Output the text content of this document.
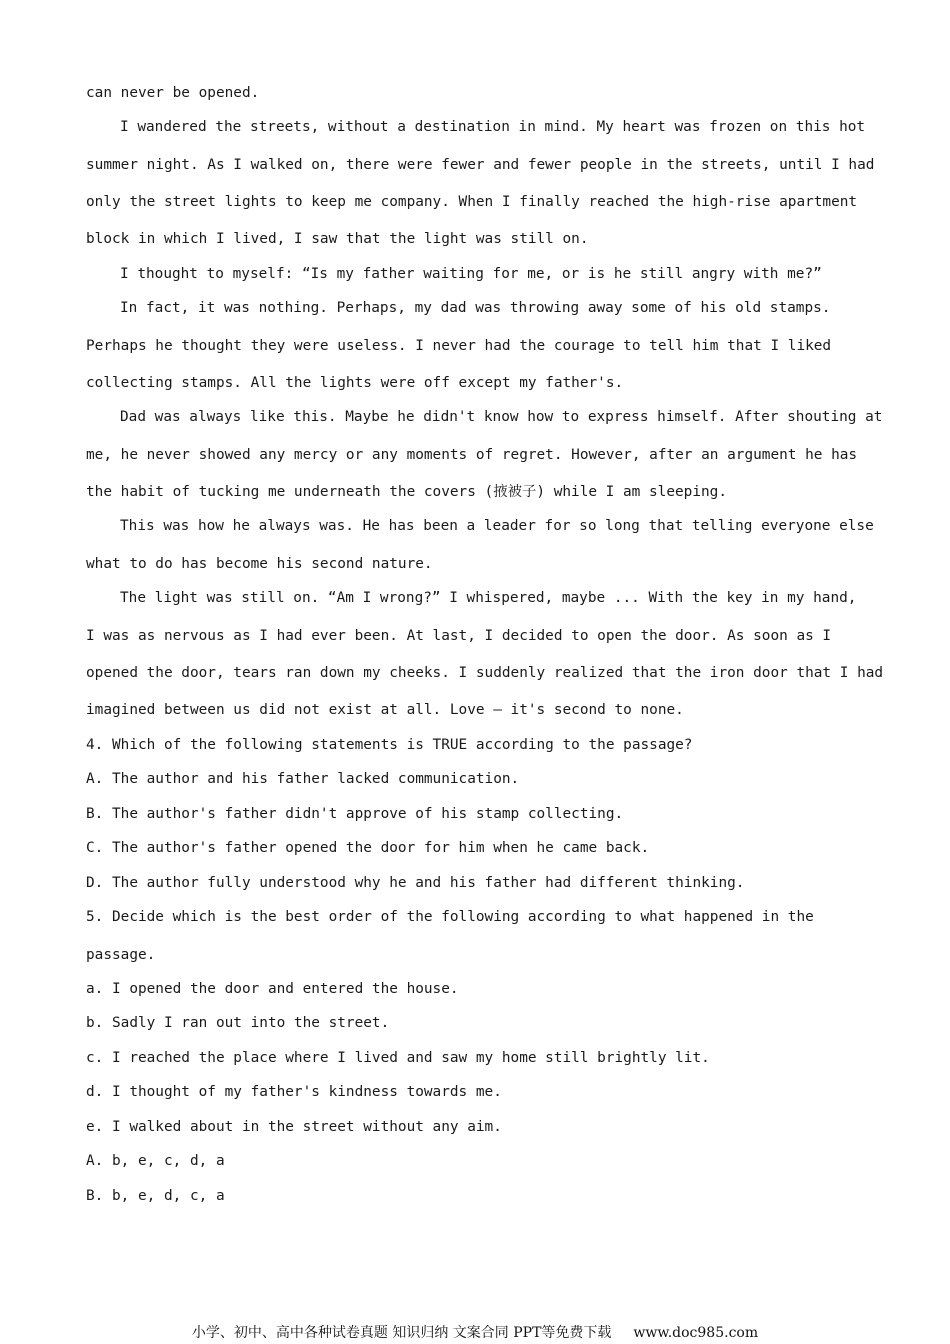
can never be opened.
I wandered the streets, without a destination in mind. My heart was frozen on this hot
summer night. As I walked on, there were fewer and fewer people in the streets, until I had
only the street lights to keep me company. When I finally reached the high-rise apartment
block in which I lived, I saw that the light was still on.
I thought to myself: “Is my father waiting for me, or is he still angry with me?”
In fact, it was nothing. Perhaps, my dad was throwing away some of his old stamps.
Perhaps he thought they were useless. I never had the courage to tell him that I liked
collecting stamps. All the lights were off except my father's.
Dad was always like this. Maybe he didn't know how to express himself. After shouting at
me, he never showed any mercy or any moments of regret. However, after an argument he has
the habit of tucking me underneath the covers (掖被子) while I am sleeping.
This was how he always was. He has been a leader for so long that telling everyone else
what to do has become his second nature.
The light was still on. “Am I wrong?” I whispered, maybe ... With the key in my hand,
I was as nervous as I had ever been. At last, I decided to open the door. As soon as I
opened the door, tears ran down my cheeks. I suddenly realized that the iron door that I had
imagined between us did not exist at all. Love — it's second to none.
4. Which of the following statements is TRUE according to the passage?
A. The author and his father lacked communication.
B. The author's father didn't approve of his stamp collecting.
C. The author's father opened the door for him when he came back.
D. The author fully understood why he and his father had different thinking.
5. Decide which is the best order of the following according to what happened in the
passage.
a. I opened the door and entered the house.
b. Sadly I ran out into the street.
c. I reached the place where I lived and saw my home still brightly lit.
d. I thought of my father's kindness towards me.
e. I walked about in the street without any aim.
A. b, e, c, d, a
B. b, e, d, c, a
小学、初中、高中各种试卷真题 知识归纳 文案合同 PPT等免费下载 www.doc985.com
